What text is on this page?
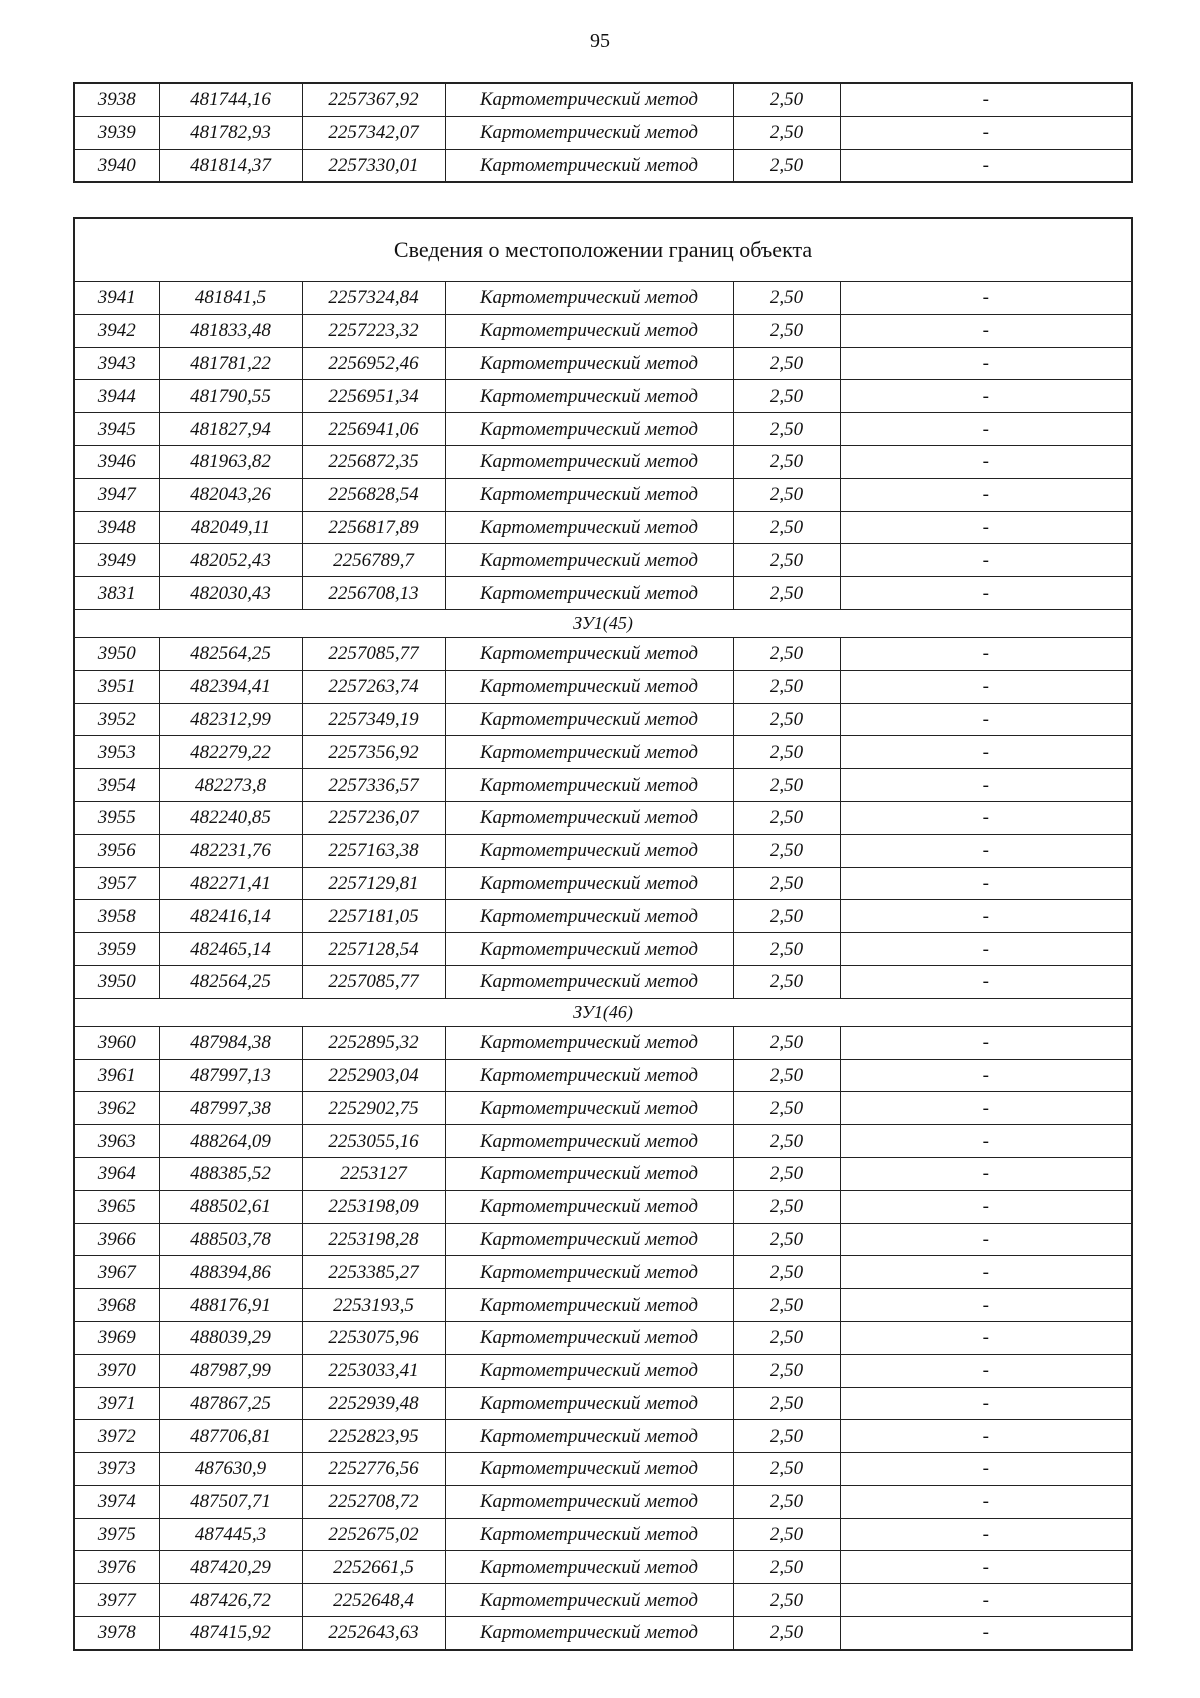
95
3938	481744,16	2257367,92	Картометрический метод	2,50	-
3939	481782,93	2257342,07	Картометрический метод	2,50	-
3940	481814,37	2257330,01	Картометрический метод	2,50	-
Сведения о местоположении границ объекта					
3941	481841,5	2257324,84	Картометрический метод	2,50	-
3942	481833,48	2257223,32	Картометрический метод	2,50	-
3943	481781,22	2256952,46	Картометрический метод	2,50	-
3944	481790,55	2256951,34	Картометрический метод	2,50	-
3945	481827,94	2256941,06	Картометрический метод	2,50	-
3946	481963,82	2256872,35	Картометрический метод	2,50	-
3947	482043,26	2256828,54	Картометрический метод	2,50	-
3948	482049,11	2256817,89	Картометрический метод	2,50	-
3949	482052,43	2256789,7	Картометрический метод	2,50	-
3831	482030,43	2256708,13	Картометрический метод	2,50	-
ЗУ1(45)					
3950	482564,25	2257085,77	Картометрический метод	2,50	-
3951	482394,41	2257263,74	Картометрический метод	2,50	-
3952	482312,99	2257349,19	Картометрический метод	2,50	-
3953	482279,22	2257356,92	Картометрический метод	2,50	-
3954	482273,8	2257336,57	Картометрический метод	2,50	-
3955	482240,85	2257236,07	Картометрический метод	2,50	-
3956	482231,76	2257163,38	Картометрический метод	2,50	-
3957	482271,41	2257129,81	Картометрический метод	2,50	-
3958	482416,14	2257181,05	Картометрический метод	2,50	-
3959	482465,14	2257128,54	Картометрический метод	2,50	-
3950	482564,25	2257085,77	Картометрический метод	2,50	-
ЗУ1(46)					
3960	487984,38	2252895,32	Картометрический метод	2,50	-
3961	487997,13	2252903,04	Картометрический метод	2,50	-
3962	487997,38	2252902,75	Картометрический метод	2,50	-
3963	488264,09	2253055,16	Картометрический метод	2,50	-
3964	488385,52	2253127	Картометрический метод	2,50	-
3965	488502,61	2253198,09	Картометрический метод	2,50	-
3966	488503,78	2253198,28	Картометрический метод	2,50	-
3967	488394,86	2253385,27	Картометрический метод	2,50	-
3968	488176,91	2253193,5	Картометрический метод	2,50	-
3969	488039,29	2253075,96	Картометрический метод	2,50	-
3970	487987,99	2253033,41	Картометрический метод	2,50	-
3971	487867,25	2252939,48	Картометрический метод	2,50	-
3972	487706,81	2252823,95	Картометрический метод	2,50	-
3973	487630,9	2252776,56	Картометрический метод	2,50	-
3974	487507,71	2252708,72	Картометрический метод	2,50	-
3975	487445,3	2252675,02	Картометрический метод	2,50	-
3976	487420,29	2252661,5	Картометрический метод	2,50	-
3977	487426,72	2252648,4	Картометрический метод	2,50	-
3978	487415,92	2252643,63	Картометрический метод	2,50	-
